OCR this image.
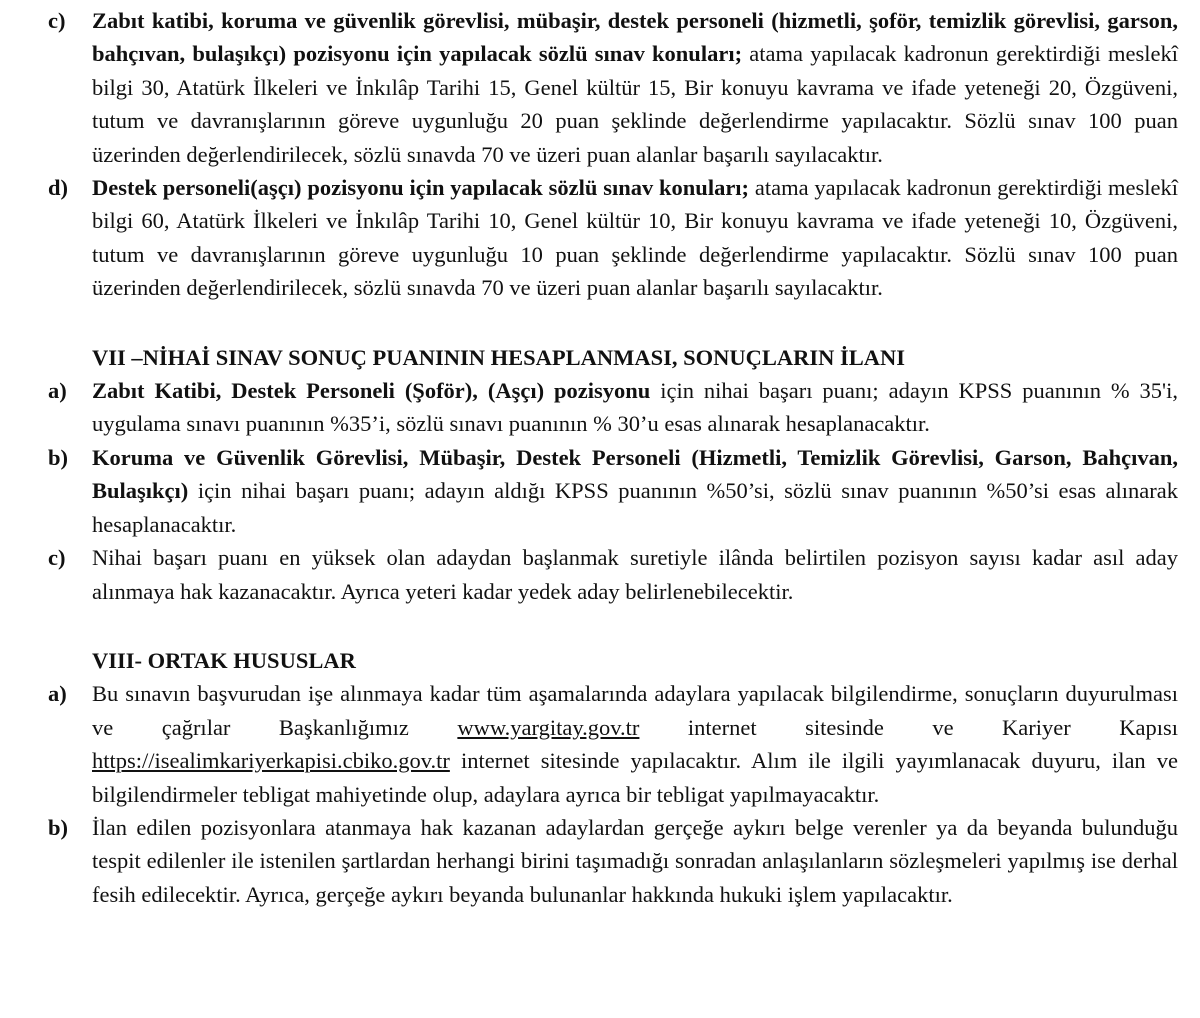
c) Zabıt katibi, koruma ve güvenlik görevlisi, mübaşir, destek personeli (hizmetli, şoför, temizlik görevlisi, garson, bahçıvan, bulaşıkçı) pozisyonu için yapılacak sözlü sınav konuları; atama yapılacak kadronun gerektirdiği meslekî bilgi 30, Atatürk İlkeleri ve İnkılâp Tarihi 15, Genel kültür 15, Bir konuyu kavrama ve ifade yeteneği 20, Özgüveni, tutum ve davranışlarının göreve uygunluğu 20 puan şeklinde değerlendirme yapılacaktır. Sözlü sınav 100 puan üzerinden değerlendirilecek, sözlü sınavda 70 ve üzeri puan alanlar başarılı sayılacaktır.
d) Destek personeli(aşçı) pozisyonu için yapılacak sözlü sınav konuları; atama yapılacak kadronun gerektirdiği meslekî bilgi 60, Atatürk İlkeleri ve İnkılâp Tarihi 10, Genel kültür 10, Bir konuyu kavrama ve ifade yeteneği 10, Özgüveni, tutum ve davranışlarının göreve uygunluğu 10 puan şeklinde değerlendirme yapılacaktır. Sözlü sınav 100 puan üzerinden değerlendirilecek, sözlü sınavda 70 ve üzeri puan alanlar başarılı sayılacaktır.
VII –NİHAİ SINAV SONUÇ PUANININ HESAPLANMASI, SONUÇLARIN İLANI
a) Zabıt Katibi, Destek Personeli (Şoför), (Aşçı) pozisyonu için nihai başarı puanı; adayın KPSS puanının % 35'i, uygulama sınavı puanının %35’i, sözlü sınavı puanının % 30’u esas alınarak hesaplanacaktır.
b) Koruma ve Güvenlik Görevlisi, Mübaşir, Destek Personeli (Hizmetli, Temizlik Görevlisi, Garson, Bahçıvan, Bulaşıkçı) için nihai başarı puanı; adayın aldığı KPSS puanının %50’si, sözlü sınav puanının %50’si esas alınarak hesaplanacaktır.
c) Nihai başarı puanı en yüksek olan adaydan başlanmak suretiyle ilânda belirtilen pozisyon sayısı kadar asıl aday alınmaya hak kazanacaktır. Ayrıca yeteri kadar yedek aday belirlenebilecektir.
VIII- ORTAK HUSUSLAR
a) Bu sınavın başvurudan işe alınmaya kadar tüm aşamalarında adaylara yapılacak bilgilendirme, sonuçların duyurulması ve çağrılar Başkanlığımız www.yargitay.gov.tr internet sitesinde ve Kariyer Kapısı https://isealimkariyerkapisi.cbiko.gov.tr internet sitesinde yapılacaktır. Alım ile ilgili yayımlanacak duyuru, ilan ve bilgilendirmeler tebligat mahiyetinde olup, adaylara ayrıca bir tebligat yapılmayacaktır.
b) İlan edilen pozisyonlara atanmaya hak kazanan adaylardan gerçeğe aykırı belge verenler ya da beyanda bulunduğu tespit edilenler ile istenilen şartlardan herhangi birini taşımadığı sonradan anlaşılanların sözleşmeleri yapılmış ise derhal fesih edilecektir. Ayrıca, gerçeğe aykırı beyanda bulunanlar hakkında hukuki işlem yapılacaktır.
